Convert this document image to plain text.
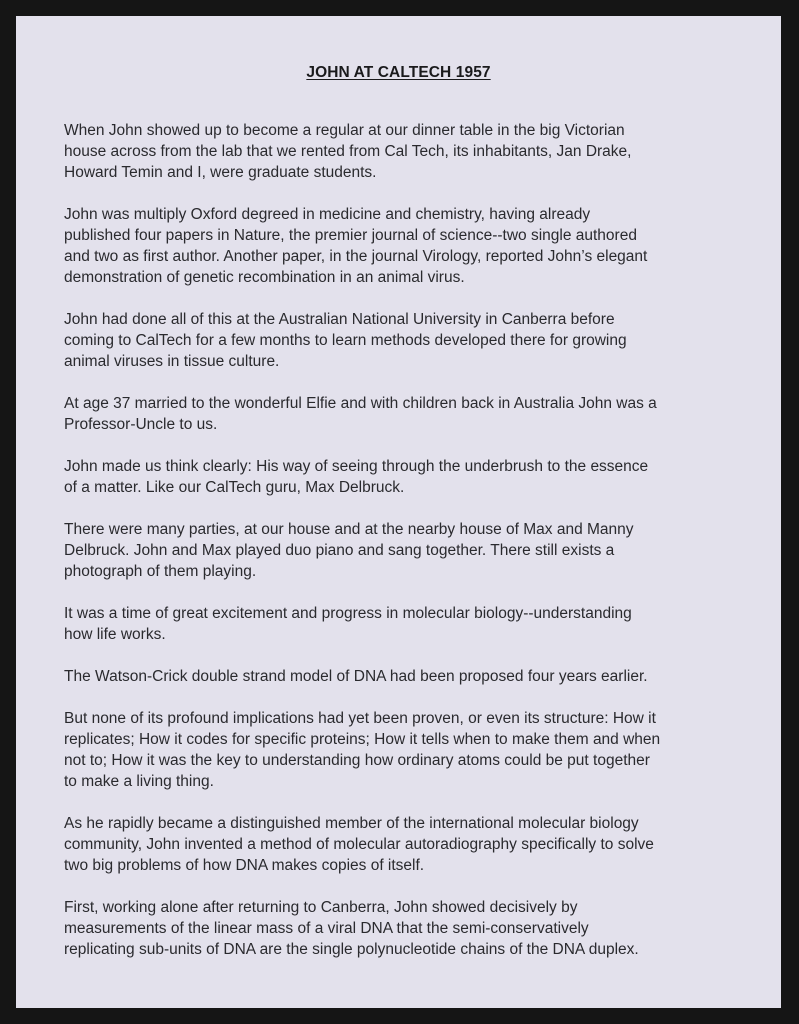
JOHN AT CALTECH 1957

When John showed up to become a regular at our dinner table in the big Victorian
house across from the lab that we rented from Cal Tech, its inhabitants, Jan Drake,
Howard Temin and I, were graduate students.

John was multiply Oxford degreed in medicine and chemistry, having already
published four papers in Nature, the premier journal of science--two single authored
and two as first author. Another paper, in the journal Virology, reported John’s elegant
demonstration of genetic recombination in an animal virus.

John had done all of this at the Australian National University in Canberra before
coming to CalTech for a few months to learn methods developed there for growing
animal viruses in tissue culture.

At age 37 married to the wonderful Elfie and with children back in Australia John was a
Professor-Uncle to us.

John made us think clearly: His way of seeing through the underbrush to the essence
of a matter. Like our CalTech guru, Max Delbruck.

There were many parties, at our house and at the nearby house of Max and Manny
Delbruck. John and Max played duo piano and sang together. There still exists a
photograph of them playing.

It was a time of great excitement and progress in molecular biology--understanding
how life works.

The Watson-Crick double strand model of DNA had been proposed four years earlier.

But none of its profound implications had yet been proven, or even its structure: How it
replicates; How it codes for specific proteins; How it tells when to make them and when
not to; How it was the key to understanding how ordinary atoms could be put together
to make a living thing.

As he rapidly became a distinguished member of the international molecular biology
community, John invented a method of molecular autoradiography specifically to solve
two big problems of how DNA makes copies of itself.

First, working alone after returning to Canberra, John showed decisively by
measurements of the linear mass of a viral DNA that the semi-conservatively
replicating sub-units of DNA are the single polynucleotide chains of the DNA duplex.
